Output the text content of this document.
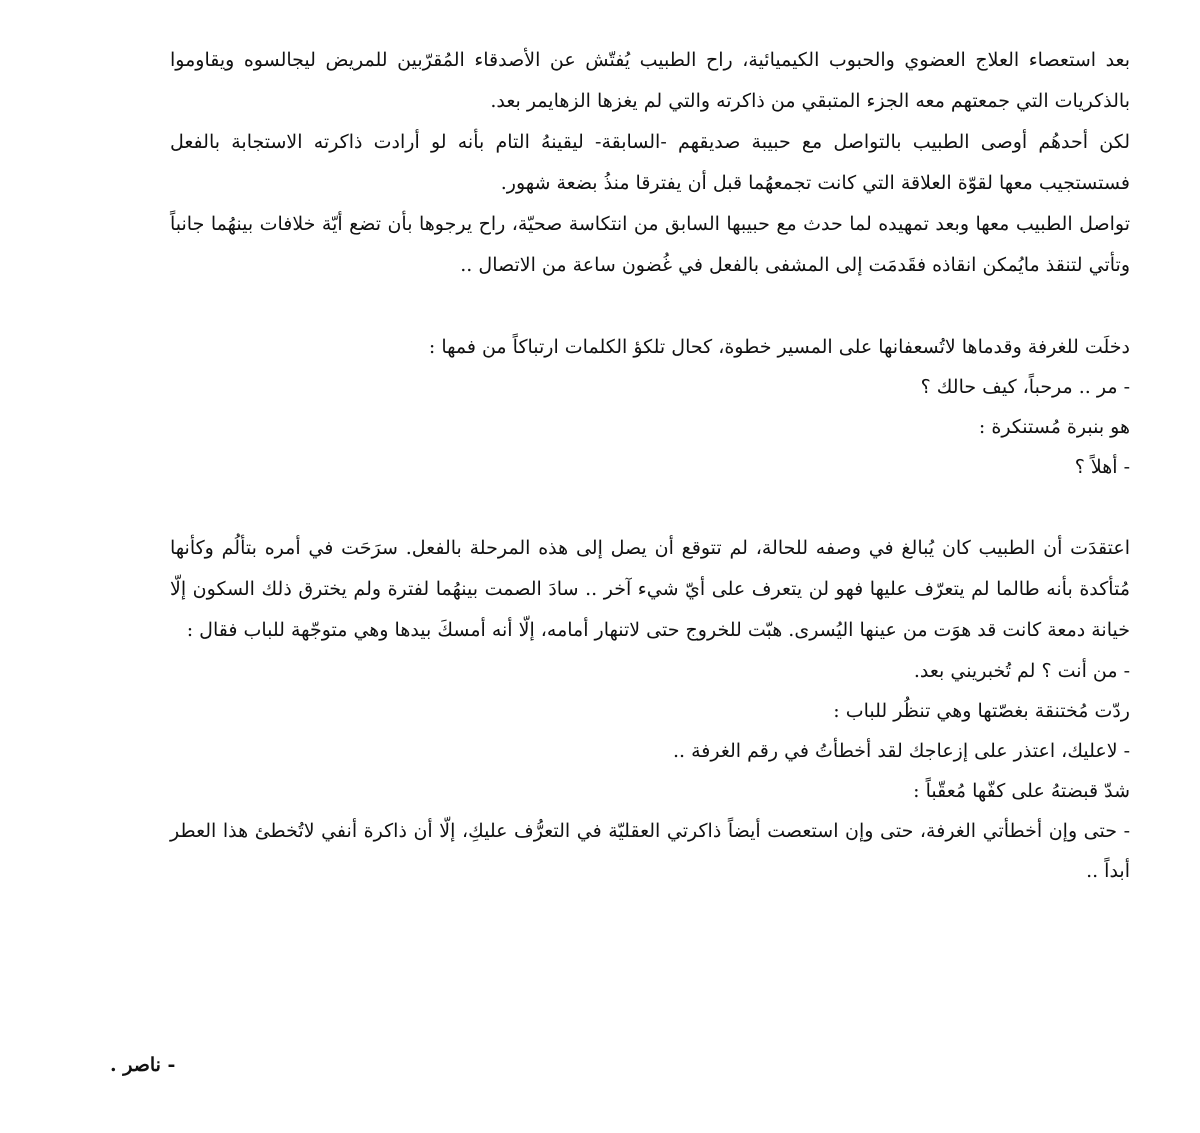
بعد استعصاء العلاج العضوي والحبوب الكيميائية، راح الطبيب يُفتّش عن الأصدقاء المُقرّبين للمريض ليجالسوه ويقاوموا بالذكريات التي جمعتهم معه الجزء المتبقي من ذاكرته والتي لم يغزها الزهايمر بعد.

لكن أحدهُم أوصى الطبيب بالتواصل مع حبيبة صديقهم -السابقة- ليقينهُ التام بأنه لو أرادت ذاكرته الاستجابة بالفعل فستستجيب معها لقوّة العلاقة التي كانت تجمعهُما قبل أن يفترقا منذُ بضعة شهور.

تواصل الطبيب معها وبعد تمهيده لما حدث مع حبيبها السابق من انتكاسة صحيّة، راح يرجوها بأن تضع أيّة خلافات بينهُما جانباً وتأتي لتنقذ مايُمكن انقاذه فقَدمَت إلى المشفى بالفعل في غُضون ساعة من الاتصال ..

دخلَت للغرفة وقدماها لاتُسعفانها على المسير خطوة، كحال تلكؤ الكلمات ارتباكاً من فمها :
- مر .. مرحباً، كيف حالك ؟
هو بنبرة مُستنكرة :
- أهلاً ؟

اعتقدَت أن الطبيب كان يُبالغ في وصفه للحالة، لم تتوقع أن يصل إلى هذه المرحلة بالفعل. سرَحَت في أمره بتألُم وكأنها مُتأكدة بأنه طالما لم يتعرّف عليها فهو لن يتعرف على أيّ شيء آخر .. سادَ الصمت بينهُما لفترة ولم يخترق ذلك السكون إلّا خيانة دمعة كانت قد هوَت من عينها اليُسرى. هبّت للخروج حتى لاتنهار أمامه، إلّا أنه أمسكَ بيدها وهي متوجّهة للباب فقال :

- من أنت ؟ لم تُخبريني بعد.
ردّت مُختنقة بغصّتها وهي تنظُر للباب :
- لاعليك، اعتذر على إزعاجك لقد أخطأتُ في رقم الغرفة ..
شدّ قبضتهُ على كفّها مُعقّباً :
- حتى وإن أخطأتي الغرفة، حتى وإن استعصت أيضاً ذاكرتي العقليّة في التعرُّف عليكِ، إلّا أن ذاكرة أنفي لاتُخطئ هذا العطر أبداً ..
- ناصر .
